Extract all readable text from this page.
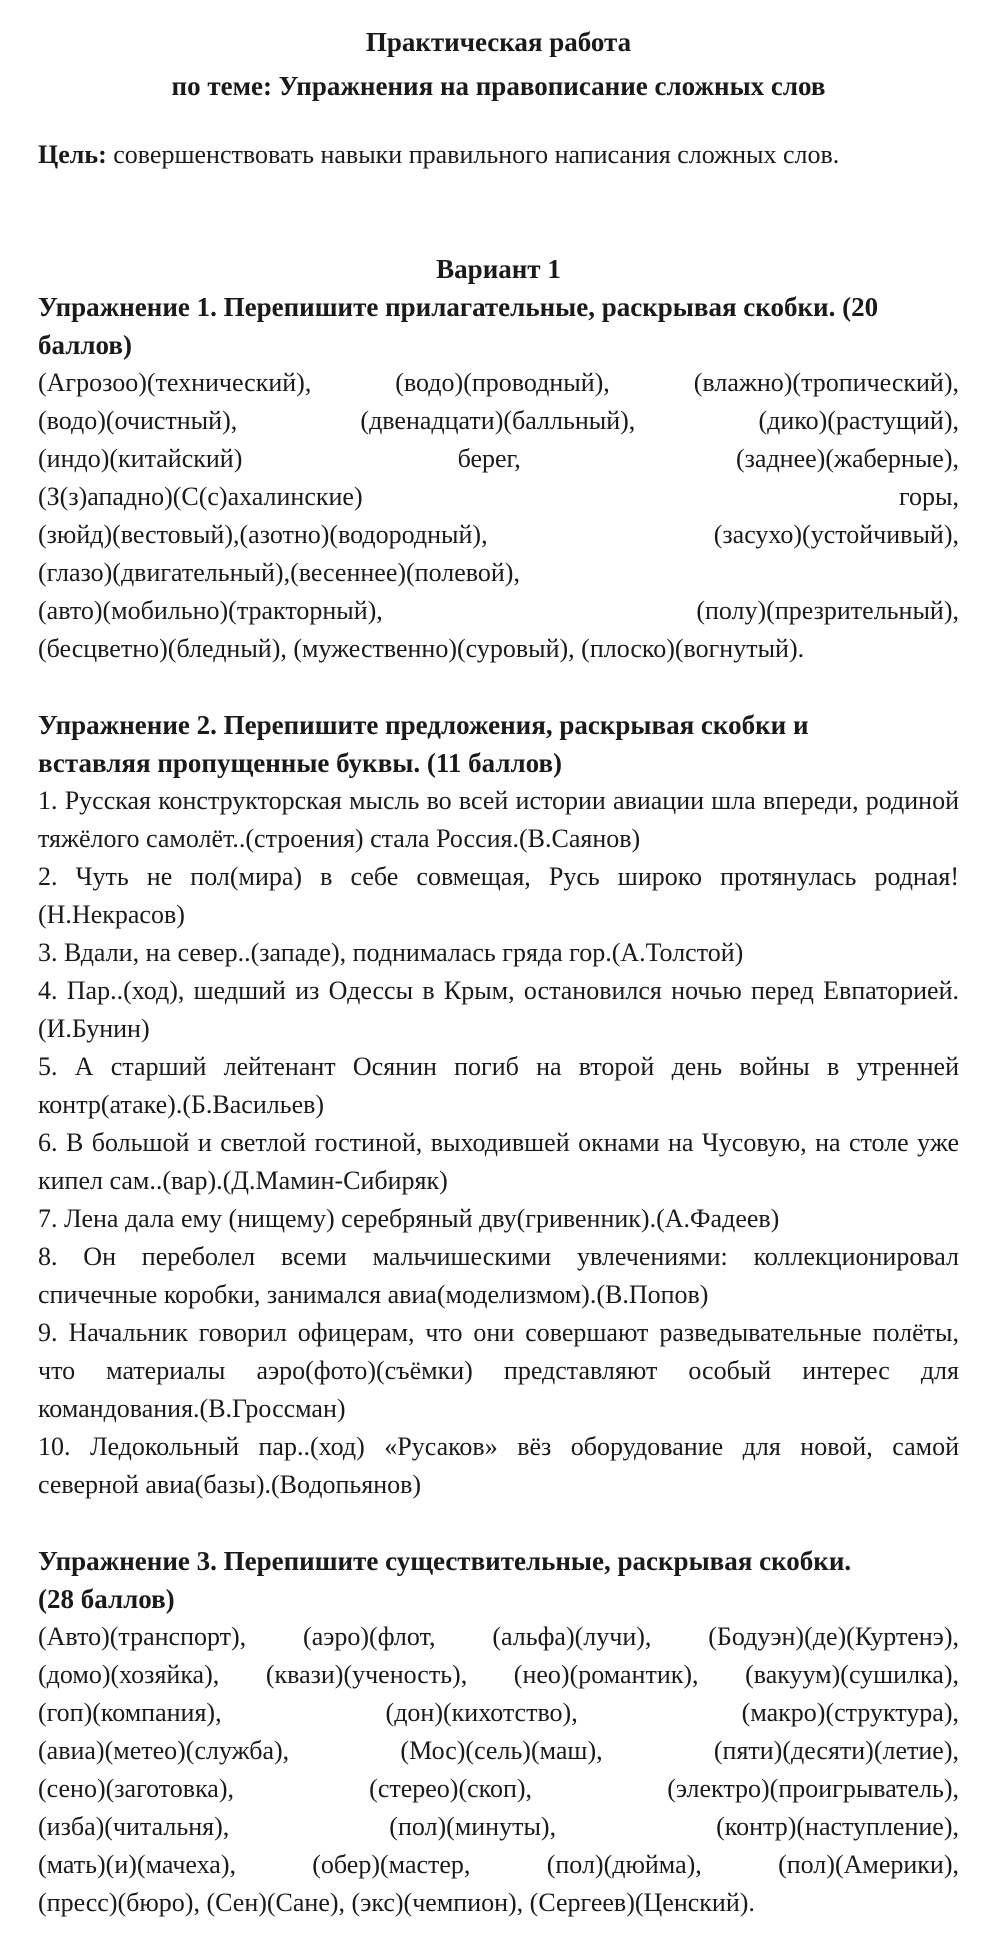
Практическая работа

по теме: Упражнения на правописание сложных слов

Цель: совершенствовать навыки правильного написания сложных слов.

Вариант 1

Упражнение 1. Перепишите прилагательные, раскрывая скобки. (20

баллов)

(Агрозоо)(технический), (водо)(проводный), (влажно)(тропический),

(водо)(очистный), (двенадцати)(балльный), (дико)(растущий),

(индо)(китайский) берег, (заднее)(жаберные),

(З(з)ападно)(С(с)ахалинские) горы,

(зюйд)(вестовый),(азотно)(водородный), (засухо)(устойчивый),

(глазо)(двигательный),(весеннее)(полевой),

(авто)(мобильно)(тракторный), (полу)(презрительный),

(бесцветно)(бледный), (мужественно)(суровый), (плоско)(вогнутый).

Упражнение 2. Перепишите предложения, раскрывая скобки и

вставляя пропущенные буквы. (11 баллов)

1. Русская конструкторская мысль во всей истории авиации шла впереди, родиной тяжёлого самолёт..(строения) стала Россия.(В.Саянов)

2. Чуть не пол(мира) в себе совмещая, Русь широко протянулась родная! (Н.Некрасов)

3. Вдали, на север..(западе), поднималась гряда гор.(А.Толстой)

4. Пар..(ход), шедший из Одессы в Крым, остановился ночью перед Евпаторией.(И.Бунин)

5. А старший лейтенант Осянин погиб на второй день войны в утренней контр(атаке).(Б.Васильев)

6. В большой и светлой гостиной, выходившей окнами на Чусовую, на столе уже кипел сам..(вар).(Д.Мамин-Сибиряк)

7. Лена дала ему (нищему) серебряный дву(гривенник).(А.Фадеев)

8. Он переболел всеми мальчишескими увлечениями: коллекционировал спичечные коробки, занимался авиа(моделизмом).(В.Попов)

9. Начальник говорил офицерам, что они совершают разведывательные полёты, что материалы аэро(фото)(съёмки) представляют особый интерес для командования.(В.Гроссман)

10. Ледокольный пар..(ход) «Русаков» вёз оборудование для новой, самой северной авиа(базы).(Водопьянов)

Упражнение 3. Перепишите существительные, раскрывая скобки.

(28 баллов)

(Авто)(транспорт), (аэро)(флот, (альфа)(лучи), (Бодуэн)(де)(Куртенэ),

(домо)(хозяйка), (квази)(ученость), (нео)(романтик), (вакуум)(сушилка),

(гоп)(компания), (дон)(кихотство), (макро)(структура),

(авиа)(метео)(служба), (Мос)(сель)(маш), (пяти)(десяти)(летие),

(сено)(заготовка), (стерео)(скоп), (электро)(проигрыватель),

(изба)(читальня), (пол)(минуты), (контр)(наступление),

(мать)(и)(мачеха), (обер)(мастер, (пол)(дюйма), (пол)(Америки),

(пресс)(бюро), (Сен)(Сане), (экс)(чемпион), (Сергеев)(Ценский).
